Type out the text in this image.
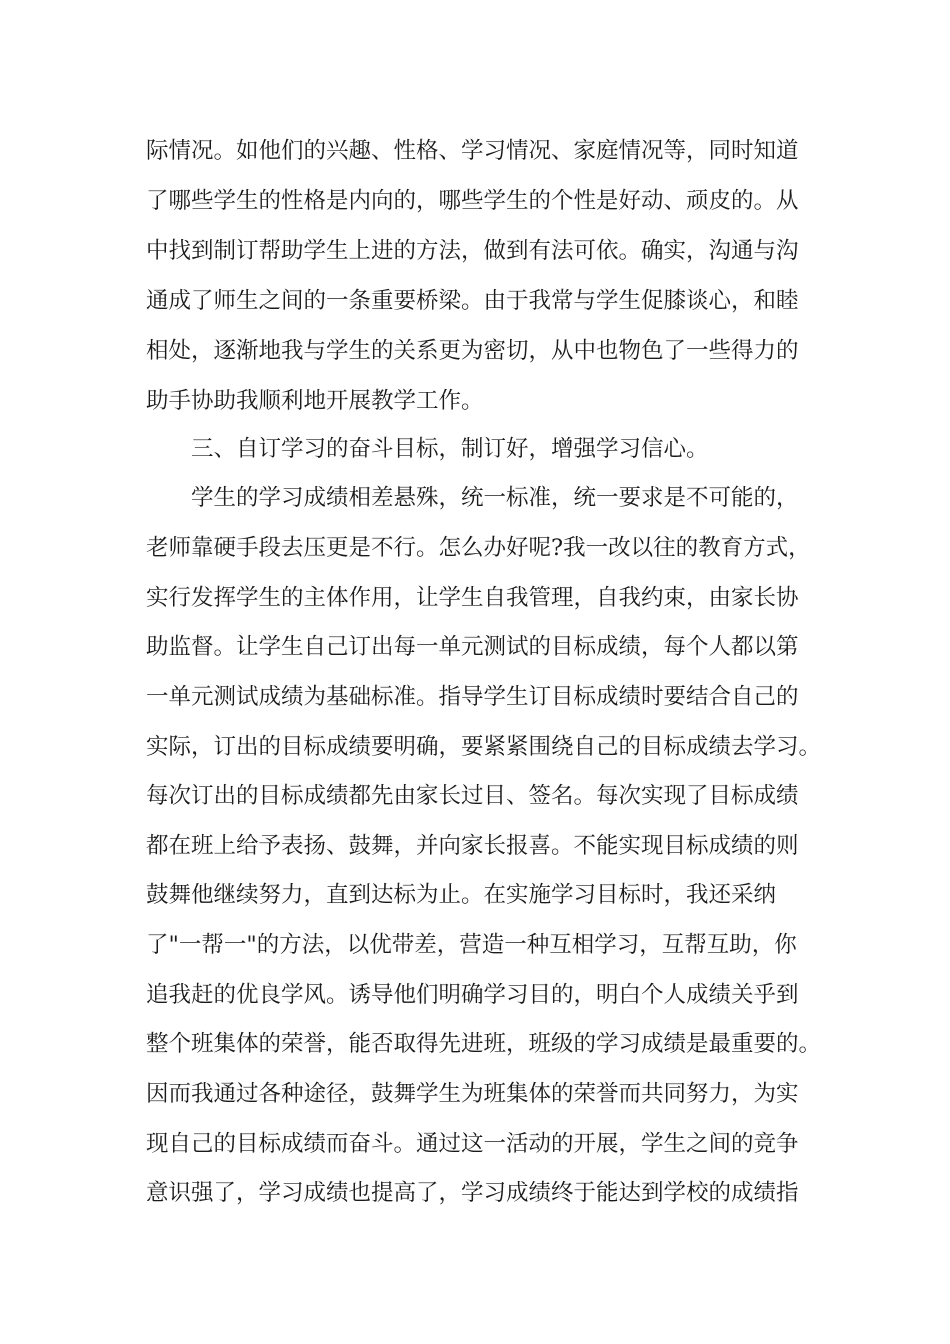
际情况。如他们的兴趣、性格、学习情况、家庭情况等，同时知道
了哪些学生的性格是内向的，哪些学生的个性是好动、顽皮的。从
中找到制订帮助学生上进的方法，做到有法可依。确实，沟通与沟
通成了师生之间的一条重要桥梁。由于我常与学生促膝谈心，和睦
相处，逐渐地我与学生的关系更为密切，从中也物色了一些得力的
助手协助我顺利地开展教学工作。
三、自订学习的奋斗目标，制订好，增强学习信心。
学生的学习成绩相差悬殊，统一标准，统一要求是不可能的，
老师靠硬手段去压更是不行。怎么办好呢?我一改以往的教育方式，
实行发挥学生的主体作用，让学生自我管理，自我约束，由家长协
助监督。让学生自己订出每一单元测试的目标成绩，每个人都以第
一单元测试成绩为基础标准。指导学生订目标成绩时要结合自己的
实际，订出的目标成绩要明确，要紧紧围绕自己的目标成绩去学习。
每次订出的目标成绩都先由家长过目、签名。每次实现了目标成绩
都在班上给予表扬、鼓舞，并向家长报喜。不能实现目标成绩的则
鼓舞他继续努力，直到达标为止。在实施学习目标时，我还采纳
了"一帮一"的方法，以优带差，营造一种互相学习，互帮互助，你
追我赶的优良学风。诱导他们明确学习目的，明白个人成绩关乎到
整个班集体的荣誉，能否取得先进班，班级的学习成绩是最重要的。
因而我通过各种途径，鼓舞学生为班集体的荣誉而共同努力，为实
现自己的目标成绩而奋斗。通过这一活动的开展，学生之间的竞争
意识强了，学习成绩也提高了，学习成绩终于能达到学校的成绩指
